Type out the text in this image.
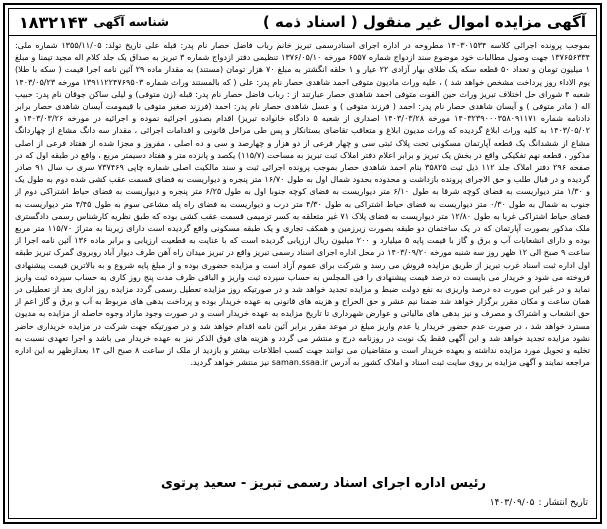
آگهی مزایده اموال غیر منقول ( اسناد ذمه )
شناسه آگهی
۱۸۳۲۱۴۳

بموجب پرونده اجرائی کلاسه ۱۴۰۳۰۱۵۳۴ مطروحه در اداره اجرای اسنادرسمی تبریز خانم رباب فاضل حصار نام پدر: قبله علی تاریخ تولد: ۱۳۵۵/۱۱/۰۵ شماره ملی: ۱۳۷۶۵۶۳۳۴ جهت وصول مطالبات خود موضوع سند ازدواج شماره ۶۵۵۷ مورخه ۱۳۷۶/۰۵/۱۰ تنظیمی دفتر ازدواج شماره ۳ تبریز به صداق یک جلد کلام اله مجید تیمنا و مبلغ ۱ میلیون تومان و تعداد ۵۰ قطعه سکه یک طلای بهار آزادی ۲۲ عیار و ۱ حلقه انگشتر به مبلغ ۷۰ هزار تومان (مستند) به مقدار ماده ۲۹ آئین نامه اجرا قیمت ( سکه با طلا) یوم الاداء روز پرداخت مشخص خواهد شد ) ، علیه وراث مادیون متوفی احمد شاهدی حصار نام پدر: علی ( که بالمستند وراث شماره ۱۳۹۱۱۲۲۴۷۶۹۵۰۳ مورخه ۱۴۰۳/۰۵/۲۳ شعبه ۴ شورای حل اختلاف تبریز وراث حین الفوت متوفی احمد شاهدی حصار عبارتند از : رباب فاضل حصار نام پدر: قبله (زن متوفی) و لیلی ساکن جوقان نام پدر: حبیب اله ( مادر متوفی ) و آیسان شاهدی حصار نام پدر: احمد ( فرزند متوفی ) و عسل شاهدی حصار نام پدر: احمد (فرزند صغیر متوفی با قیمومت آیسان شاهدی حصار برابر دادنامه شماره ۱۴۰۳۲۳۹۰۰۰۳۵۸۰۹۱۱۷۱ مورخه ۱۴۰۳/۰۳/۲۸ اصداری از شعبه ۵ دادگاه خانواده تبریز) اقدام بصدور اجرائیه نموده و اجرائیه در مورخه ۱۴۰۳/۰۳/۲۶ و ۱۴۰۳/۰۵/۰۲ به کلیه وراث ابلاغ گردیده که وراث مدیون ابلاغ و متعاقب تقاضای بستانکار و پس طی مراحل قانونی و اقدامات اجرائی ، مقدار سه دانگ مشاع از چهاردانگ مشاع از ششدانگ یک قطعه آپارتمان مسکونی تحت پلاک ثبتی سی و چهار فرعی از دو هزار و چهارصد و سی و ده اصلی ، مفروز و مجزا شده از هفتاد فرعی از اصلی مذکور ، قطعه نهم تفکیکی واقع در بخش یک تبریز و برابر اعلام دفتر املاک ثبت تبریز به مساحت (۱۱۵/۷) یکصد و پانزده متر و هفتاد دسیمتر مربع ، واقع در طبقه اول که در صفحه ۲۹۶ دفتر املاک جلد ۱۱۲ ذیل ثبت ۳۵۸۲۵ بنام احمد شاهدی حصار بموجب پرونده اجرائی ثبت و سند مالکیت اصلی شماره چاپی ۷۳۷۴۶۹ سری ب سال ۹۱ صادر گردیده و در قبال طلب و حق الاجرای پرونده بازداشت و محدوده بحدود شمال اول به طول ۱۶/۷۰ متر پنجره و دیواریست به فضای قسمت عقب کشی شده دوم به طول یک و ۱/۳۰ متر دیواریست به فضای کوچه شرقا به طول ۶/۱۰ متر دیواریست به فضای کوچه جنوبا اول به طول ۶/۲۵ متر پنجره و دیواریست به فضای حیاط اشتراکی دوم از جنوب به شمال به طول ۰/۳۰ متر دیواریست به فضای حیاط اشتراکی به طول ۴/۳۰ متر درب و دیواریست به فضای راه پله مشاعی سوم به طول ۴/۴۵ متر دیواریست به فضای حیاط اشتراکی غربا به طول ۱۲/۸۰ متر دیواریست به فضای پلاک ۷۱ غیر متعلقه به کسر ترمیمی قسمت عقب کشی بوده که طبق نظریه کارشناس رسمی دادگستری ملک مذکور بصورت آپارتمان که در یک ساختمان دو طبقه بصورت زیرزمین و همکف تجاری و یک طبقه مسکونی واقع گردیده است دارای زیربنا به متراژ ۱۱۵/۷۰ متر مربع بوده و دارای انشعابات آب و برق و گاز با قیمت پایه ۵ میلیارد و ۲۰۰ میلیون ریال ارزیابی گردیده است که با عنایت به قطعیت ارزیابی و برابر ماده ۱۳۶ آئین نامه اجرا از ساعت ۹ صبح الی ۱۲ ظهر روز سه شنبه مورخه ۱۴۰۳/۰۹/۲۰ در محل اداره اجرای اسناد رسمی تبریز واقع در تبریز میدان راه آهن طرف دیوار آباد روبروی گمرک تبریز طبقه اول اداره ثبت اسناد غرب تبریز از طریق مزایده فروش می رسد و شرکت برای عموم آزاد است و مزایده حضوری بوده و از مبلغ پایه شروع و به بالاترین قیمت پیشنهادی فروخته می شود و خریدار می بایست ده درصد قیمت پیشنهادی را فی المجلس به حساب سپرده ثبت واریز و الباقی ظرف مدت پنج روز کاری به حساب سپرده ثبت واریز نماید و در غیر این صورت ده درصد واریزی به نفع دولت ضبط و مزایده تجدید خواهد شد و در صورتیکه روز مزایده تعطیل رسمی گردد مزایده روز اداری بعد از تعطیلی در همان ساعت و مکان مقرر برگزار خواهد شد ضمنا نیم عشر و حق الحراج و هزینه های قانونی به عهده خریدار بوده و پرداخت بدهی های مربوط به آب و برق و گاز اعم از حق انشعاب و اشتراک و مصرف و نیز بدهی های مالیاتی و عوارض شهرداری تا تاریخ مزایده به عهده خریدار است و در صورت وجود مازاد وجوه حاصله از مزایده به مدیون مسترد خواهد شد ، در صورت عدم حضور خریدار یا عدم واریز مبلغ در موعد مقرر برابر آئین نامه اقدام خواهد شد و در صورتیکه جهت شرکت در مزایده خریداری حاضر نشود مزایده تجدید خواهد شد و این آگهی فقط یک نوبت در روزنامه درج و منتشر می گردد و هزینه های فوق الذکر نیز به عهده خریدار می باشد و اجرا تعهدی نسبت به تخلیه و تحویل مورد مزایده نداشته و بعهده خریدار است و متقاضیان می توانند جهت کسب اطلاعات بیشتر و بازدید از ملک از ساعت ۸ صبح الی ۱۴ بعدازظهر به این اداره مراجعه نمایند و آگهی مزایده بر روی سایت ثبت اسناد و املاک کشور به آدرس saman.ssaa.ir نیز منتشر خواهد گردید.

رئیس اداره اجرای اسناد رسمی تبریز - سعید پرتوی
تاریخ انتشار :
۱۴۰۳/۰۹/۰۵
